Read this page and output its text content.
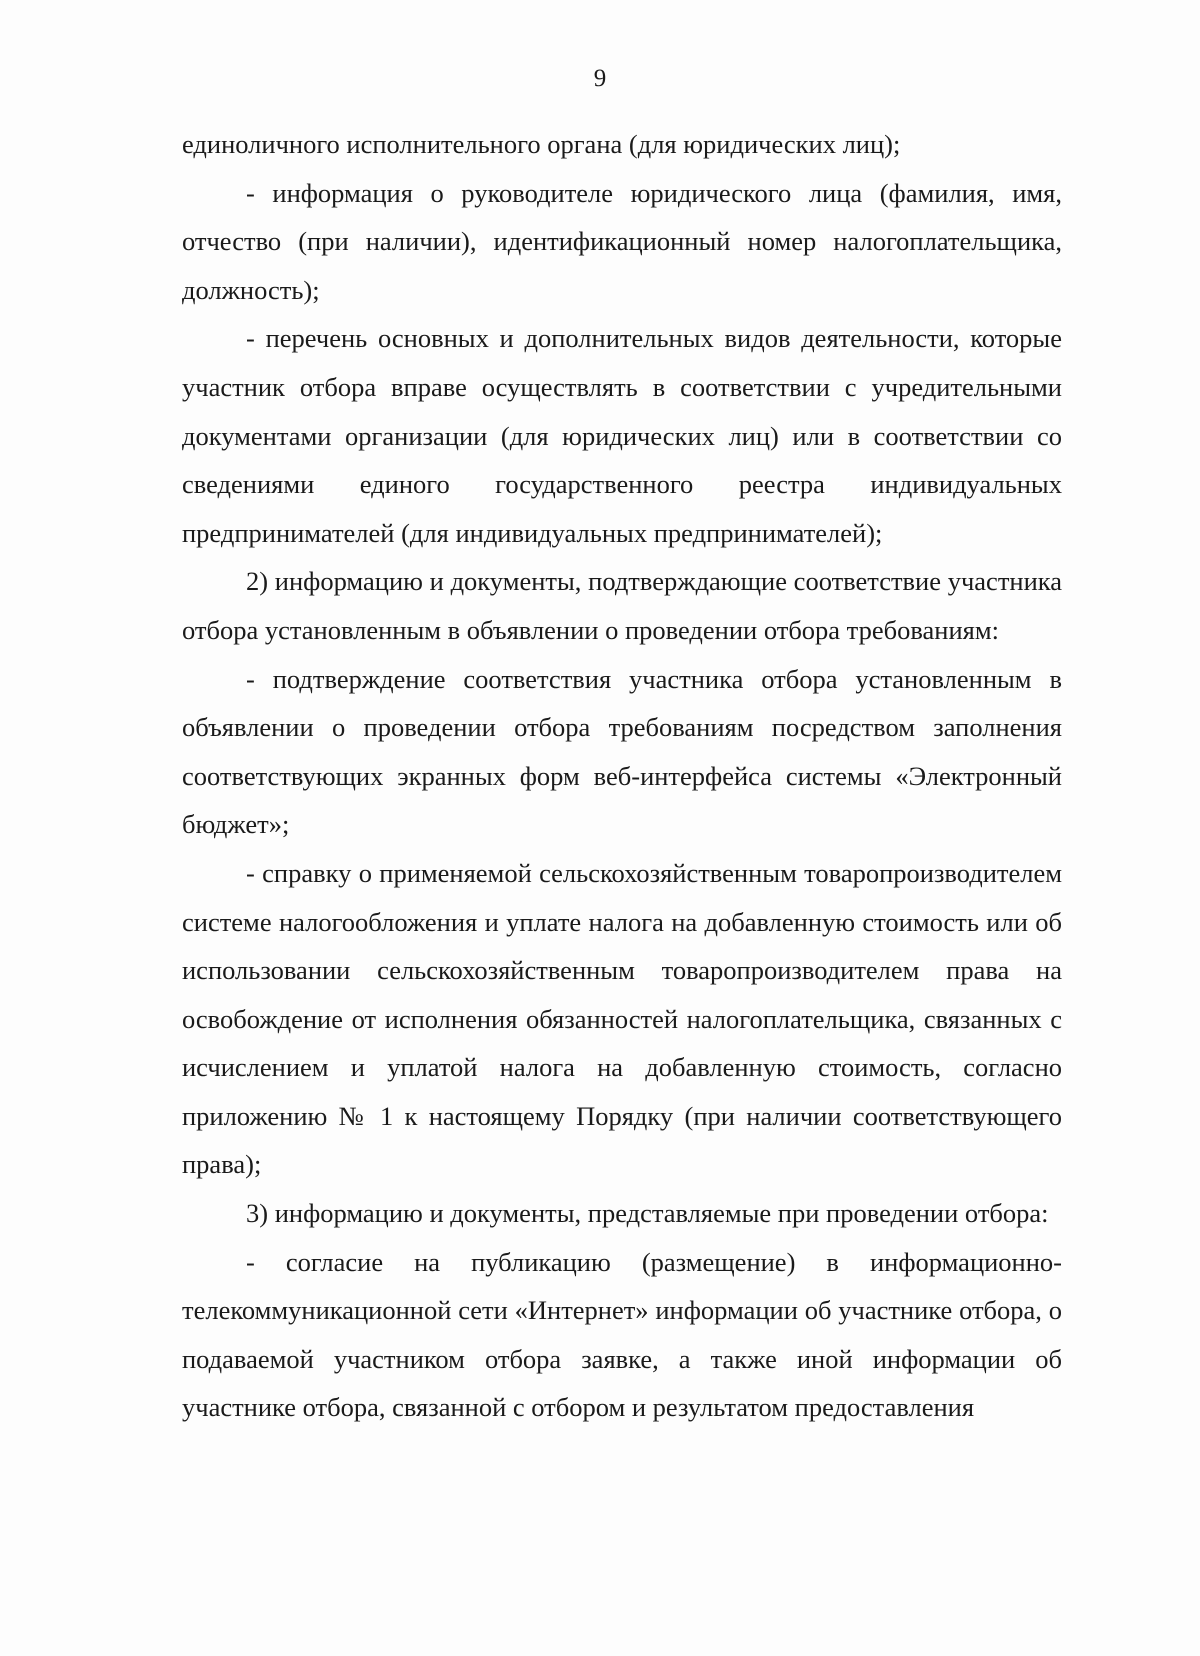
9

единоличного исполнительного органа (для юридических лиц);

- информация о руководителе юридического лица (фамилия, имя, отчество (при наличии), идентификационный номер налогоплательщика, должность);

- перечень основных и дополнительных видов деятельности, которые участник отбора вправе осуществлять в соответствии с учредительными документами организации (для юридических лиц) или в соответствии со сведениями единого государственного реестра индивидуальных предпринимателей (для индивидуальных предпринимателей);

2) информацию и документы, подтверждающие соответствие участника отбора установленным в объявлении о проведении отбора требованиям:

- подтверждение соответствия участника отбора установленным в объявлении о проведении отбора требованиям посредством заполнения соответствующих экранных форм веб-интерфейса системы «Электронный бюджет»;

- справку о применяемой сельскохозяйственным товаропроизводителем системе налогообложения и уплате налога на добавленную стоимость или об использовании сельскохозяйственным товаропроизводителем права на освобождение от исполнения обязанностей налогоплательщика, связанных с исчислением и уплатой налога на добавленную стоимость, согласно приложению № 1 к настоящему Порядку (при наличии соответствующего права);

3) информацию и документы, представляемые при проведении отбора:

- согласие на публикацию (размещение) в информационно-телекоммуникационной сети «Интернет» информации об участнике отбора, о подаваемой участником отбора заявке, а также иной информации об участнике отбора, связанной с отбором и результатом предоставления
